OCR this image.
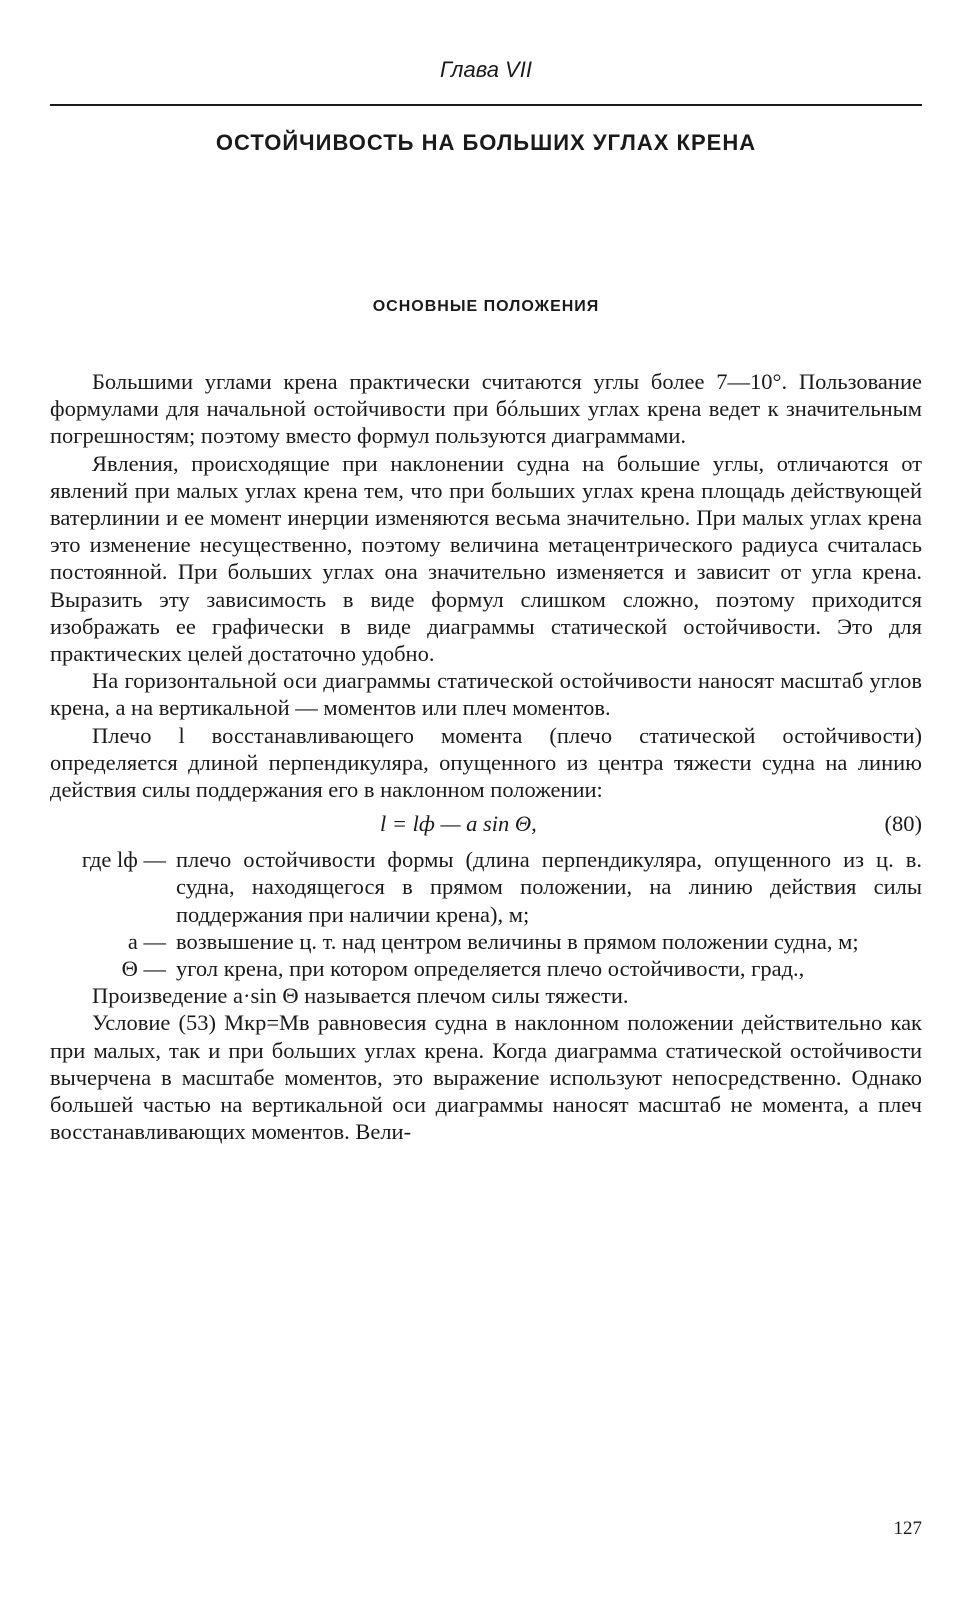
Глава VII
ОСТОЙЧИВОСТЬ НА БОЛЬШИХ УГЛАХ КРЕНА
ОСНОВНЫЕ ПОЛОЖЕНИЯ

Большими углами крена практически считаются углы более 7—10°. Пользование формулами для начальной остойчивости при бóльших углах крена ведет к значительным погрешностям; поэтому вместо формул пользуются диаграммами.

Явления, происходящие при наклонении судна на большие углы, отличаются от явлений при малых углах крена тем, что при больших углах крена площадь действующей ватерлинии и ее момент инерции изменяются весьма значительно. При малых углах крена это изменение несущественно, поэтому величина метацентрического радиуса считалась постоянной. При больших углах она значительно изменяется и зависит от угла крена. Выразить эту зависимость в виде формул слишком сложно, поэтому приходится изображать ее графически в виде диаграммы статической остойчивости. Это для практических целей достаточно удобно.

На горизонтальной оси диаграммы статической остойчивости наносят масштаб углов крена, а на вертикальной — моментов или плеч моментов.

Плечо l восстанавливающего момента (плечо статической остойчивости) определяется длиной перпендикуляра, опущенного из центра тяжести судна на линию действия силы поддержания его в наклонном положении:

l = lф — a sin Θ,	(80)
где lф — плечо остойчивости формы (длина перпендикуляра, опущенного из ц. в. судна, находящегося в прямом положении, на линию действия силы поддержания при наличии крена), м;
a — возвышение ц. т. над центром величины в прямом положении судна, м;
Θ — угол крена, при котором определяется плечо остойчивости, град.,

Произведение a·sin Θ называется плечом силы тяжести.

Условие (53) Mкр=Mв равновесия судна в наклонном положении действительно как при малых, так и при больших углах крена. Когда диаграмма статической остойчивости вычерчена в масштабе моментов, это выражение используют непосредственно. Однако большей частью на вертикальной оси диаграммы наносят масштаб не момента, а плеч восстанавливающих моментов. Вели-

127
